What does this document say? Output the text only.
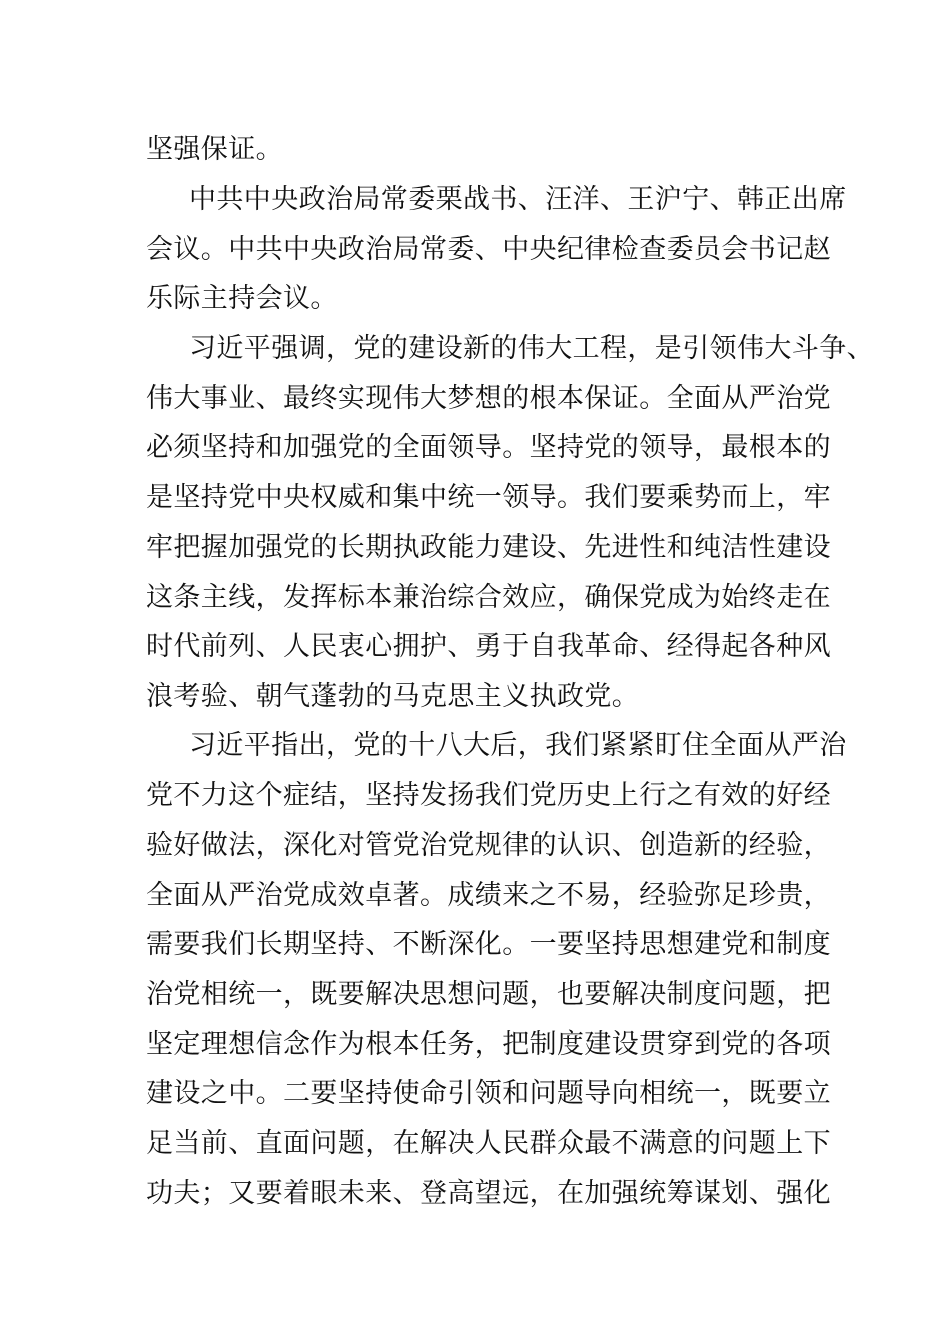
坚强保证。
中共中央政治局常委栗战书、汪洋、王沪宁、韩正出席
会议。中共中央政治局常委、中央纪律检查委员会书记赵
乐际主持会议。
习近平强调，党的建设新的伟大工程，是引领伟大斗争、
伟大事业、最终实现伟大梦想的根本保证。全面从严治党
必须坚持和加强党的全面领导。坚持党的领导，最根本的
是坚持党中央权威和集中统一领导。我们要乘势而上，牢
牢把握加强党的长期执政能力建设、先进性和纯洁性建设
这条主线，发挥标本兼治综合效应，确保党成为始终走在
时代前列、人民衷心拥护、勇于自我革命、经得起各种风
浪考验、朝气蓬勃的马克思主义执政党。
习近平指出，党的十八大后，我们紧紧盯住全面从严治
党不力这个症结，坚持发扬我们党历史上行之有效的好经
验好做法，深化对管党治党规律的认识、创造新的经验，
全面从严治党成效卓著。成绩来之不易，经验弥足珍贵，
需要我们长期坚持、不断深化。一要坚持思想建党和制度
治党相统一，既要解决思想问题，也要解决制度问题，把
坚定理想信念作为根本任务，把制度建设贯穿到党的各项
建设之中。二要坚持使命引领和问题导向相统一，既要立
足当前、直面问题，在解决人民群众最不满意的问题上下
功夫；又要着眼未来、登高望远，在加强统筹谋划、强化
